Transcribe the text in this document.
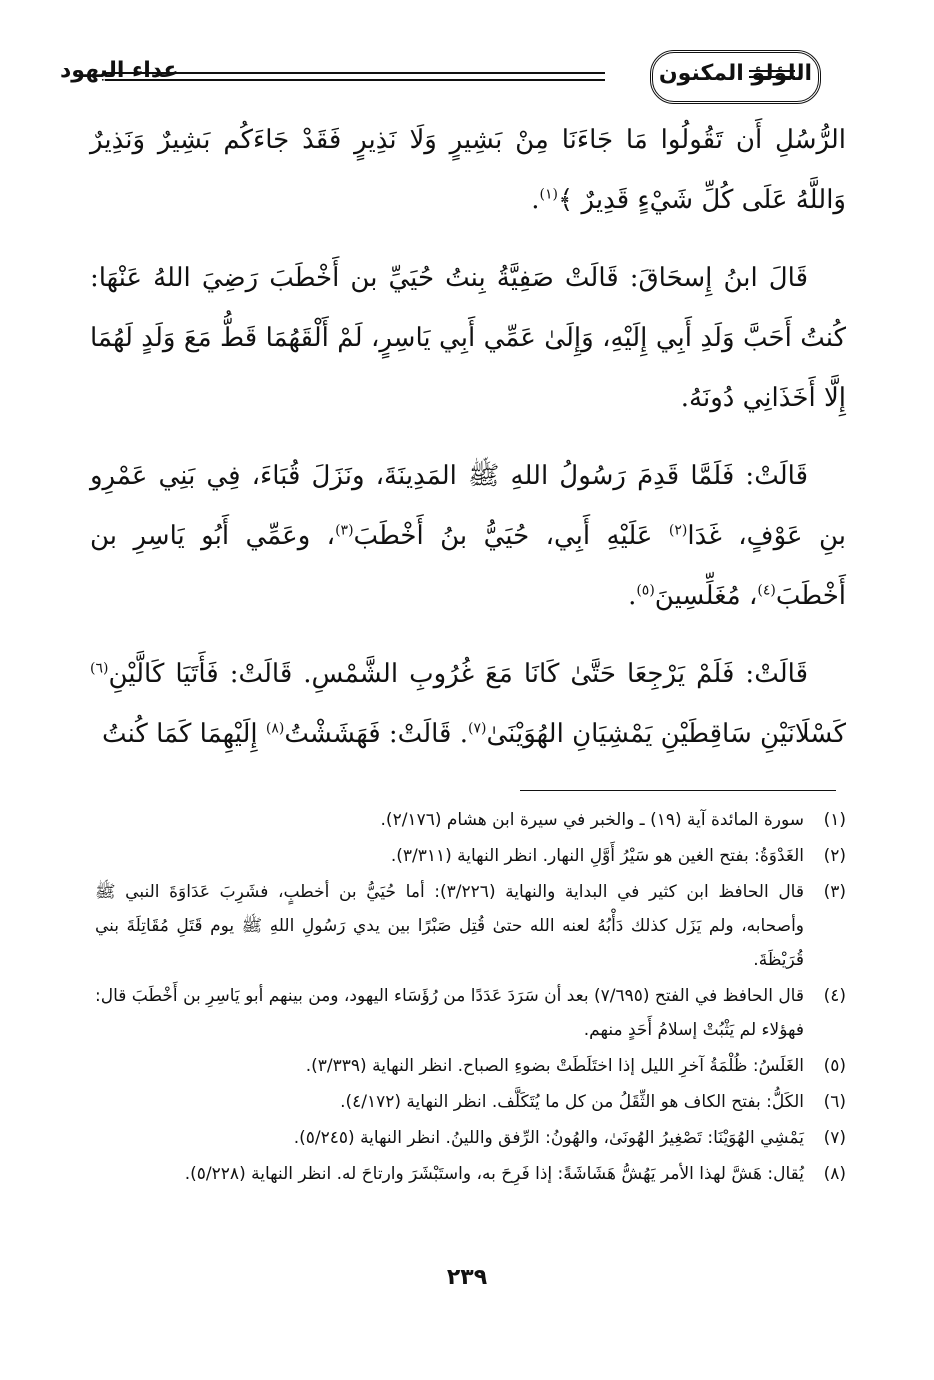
اللؤلؤ المكنون
عداء اليهود

الرُّسُلِ أَن تَقُولُوا مَا جَاءَنَا مِنْ بَشِيرٍ وَلَا نَذِيرٍ فَقَدْ جَاءَكُم بَشِيرٌ وَنَذِيرٌ وَاللَّهُ عَلَى كُلِّ شَيْءٍ قَدِيرٌ ﴾$^{(١)}$.

قَالَ ابنُ إِسحَاقَ: قَالَتْ صَفِيَّةُ بِنتُ حُيَيِّ بن أَخْطَبَ رَضِيَ اللهُ عَنْهَا: كُنتُ أَحَبَّ وَلَدِ أَبِي إِلَيْهِ، وَإِلَىٰ عَمِّي أَبِي يَاسِرٍ، لَمْ أَلْقَهُمَا قَطُّ مَعَ وَلَدٍ لَهُمَا إِلَّا أَخَذَانِي دُونَهُ.

قَالَتْ: فَلَمَّا قَدِمَ رَسُولُ اللهِ ﷺ المَدِينَةَ، ونَزَلَ قُبَاءَ، فِي بَنِي عَمْرِو بنِ عَوْفٍ، غَدَا$^{(٢)}$ عَلَيْهِ أَبِي، حُيَيُّ بنُ أَخْطَبَ$^{(٣)}$، وعَمِّي أَبُو يَاسِرِ بن أَخْطَبَ$^{(٤)}$، مُغَلِّسِينَ$^{(٥)}$.

قَالَتْ: فَلَمْ يَرْجِعَا حَتَّىٰ كَانَا مَعَ غُرُوبِ الشَّمْسِ. قَالَتْ: فَأَتَيَا كَالَّيْنِ$^{(٦)}$ كَسْلَانَيْنِ سَاقِطَيْنِ يَمْشِيَانِ الهُوَيْنَىٰ$^{(٧)}$. قَالَتْ: فَهَشَشْتُ$^{(٨)}$ إِلَيْهِمَا كَمَا كُنتُ

(١)
سورة المائدة آية (١٩) ـ والخبر في سيرة ابن هشام (٢/١٧٦).
(٢)
الغَدْوَةُ: بفتح الغين هو سَيْرُ أَوَّلِ النهار. انظر النهاية (٣/٣١١).
(٣)
قال الحافظ ابن كثير في البداية والنهاية (٣/٢٢٦): أما حُيَيُّ بن أخطبٍ، فشَرِبَ عَدَاوَةَ النبي ﷺ وأصحابه، ولم يَزَل كذلك دَأْبُهُ لعنه الله حتىٰ قُتِل صَبْرًا بين يدي رَسُولِ اللهِ ﷺ يوم قَتَلِ مُقَاتِلَةَ بني قُرَيْظَةَ.
(٤)
قال الحافظ في الفتح (٧/٦٩٥) بعد أن سَرَدَ عَدَدًا من رُؤَسَاء اليهود، ومن بينهم أبو يَاسِرِ بن أَخْطَبَ قال: فهؤلاء لم يَثْبُتْ إسلامُ أَحَدٍ منهم.
(٥)
الغَلَسُ: ظُلْمَةُ آخرِ الليل إذا اختَلَطَتْ بضوءِ الصباح. انظر النهاية (٣/٣٣٩).
(٦)
الكَلُّ: بفتح الكاف هو الثِّقَلُ من كل ما يُتَكَلَّف. انظر النهاية (٤/١٧٢).
(٧)
يَمْشِي الهُوَيْنَا: تَصْغِيرُ الهُونَىٰ، والهُونُ: الرِّفق واللينُ. انظر النهاية (٥/٢٤٥).
(٨)
يُقال: هَشَّ لهذا الأمر يَهُشُّ هَشَاشَةً: إذا فَرِحَ به، واستَبْشَرَ وارتاحَ له. انظر النهاية (٥/٢٢٨).
٢٣٩
